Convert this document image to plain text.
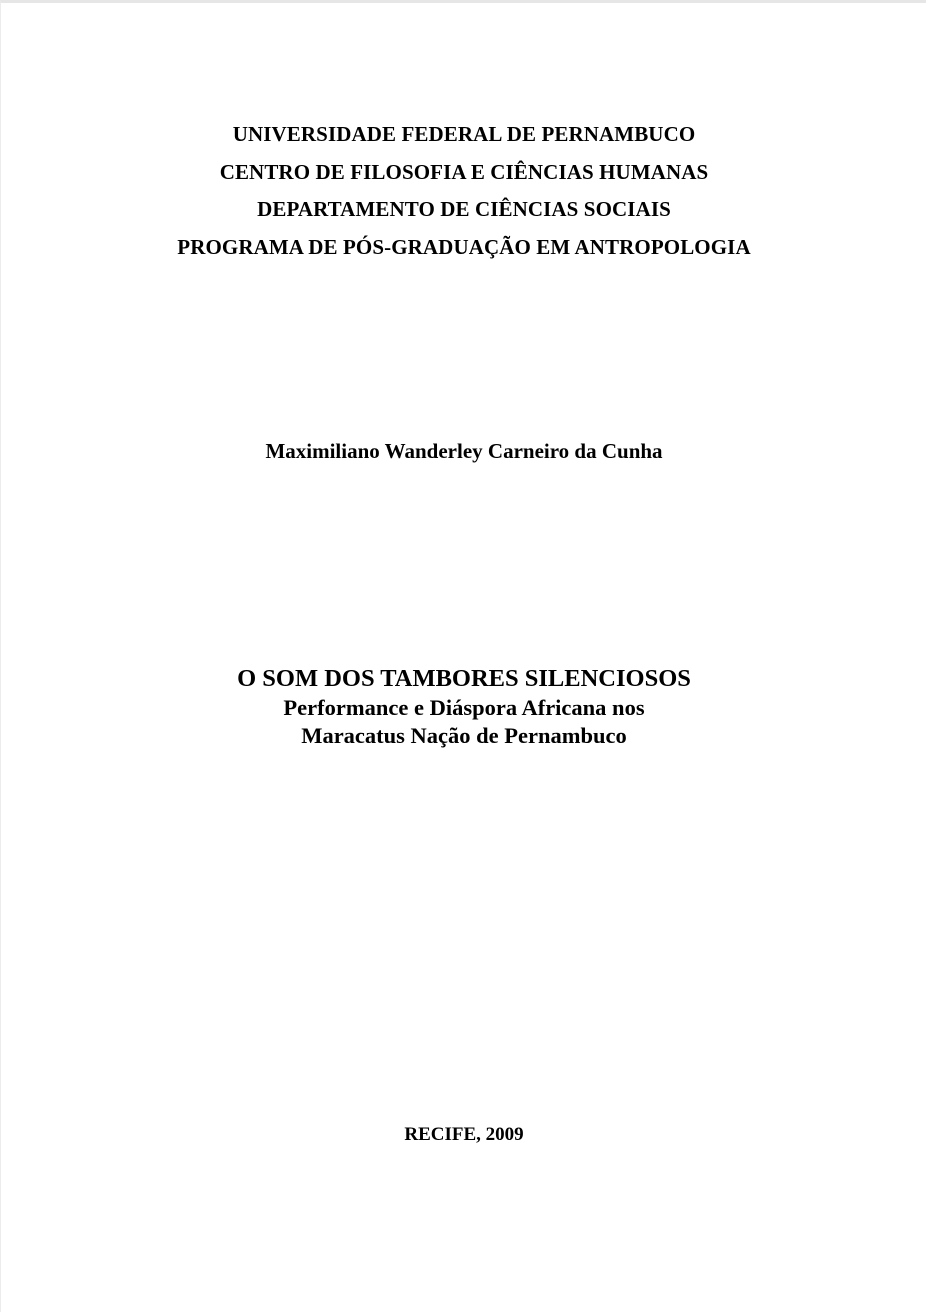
UNIVERSIDADE FEDERAL DE PERNAMBUCO
CENTRO DE FILOSOFIA E CIÊNCIAS HUMANAS
DEPARTAMENTO DE CIÊNCIAS SOCIAIS
PROGRAMA DE PÓS-GRADUAÇÃO EM ANTROPOLOGIA
Maximiliano Wanderley Carneiro da Cunha
O SOM DOS TAMBORES SILENCIOSOS
Performance e Diáspora Africana nos
Maracatus Nação de Pernambuco
RECIFE, 2009
